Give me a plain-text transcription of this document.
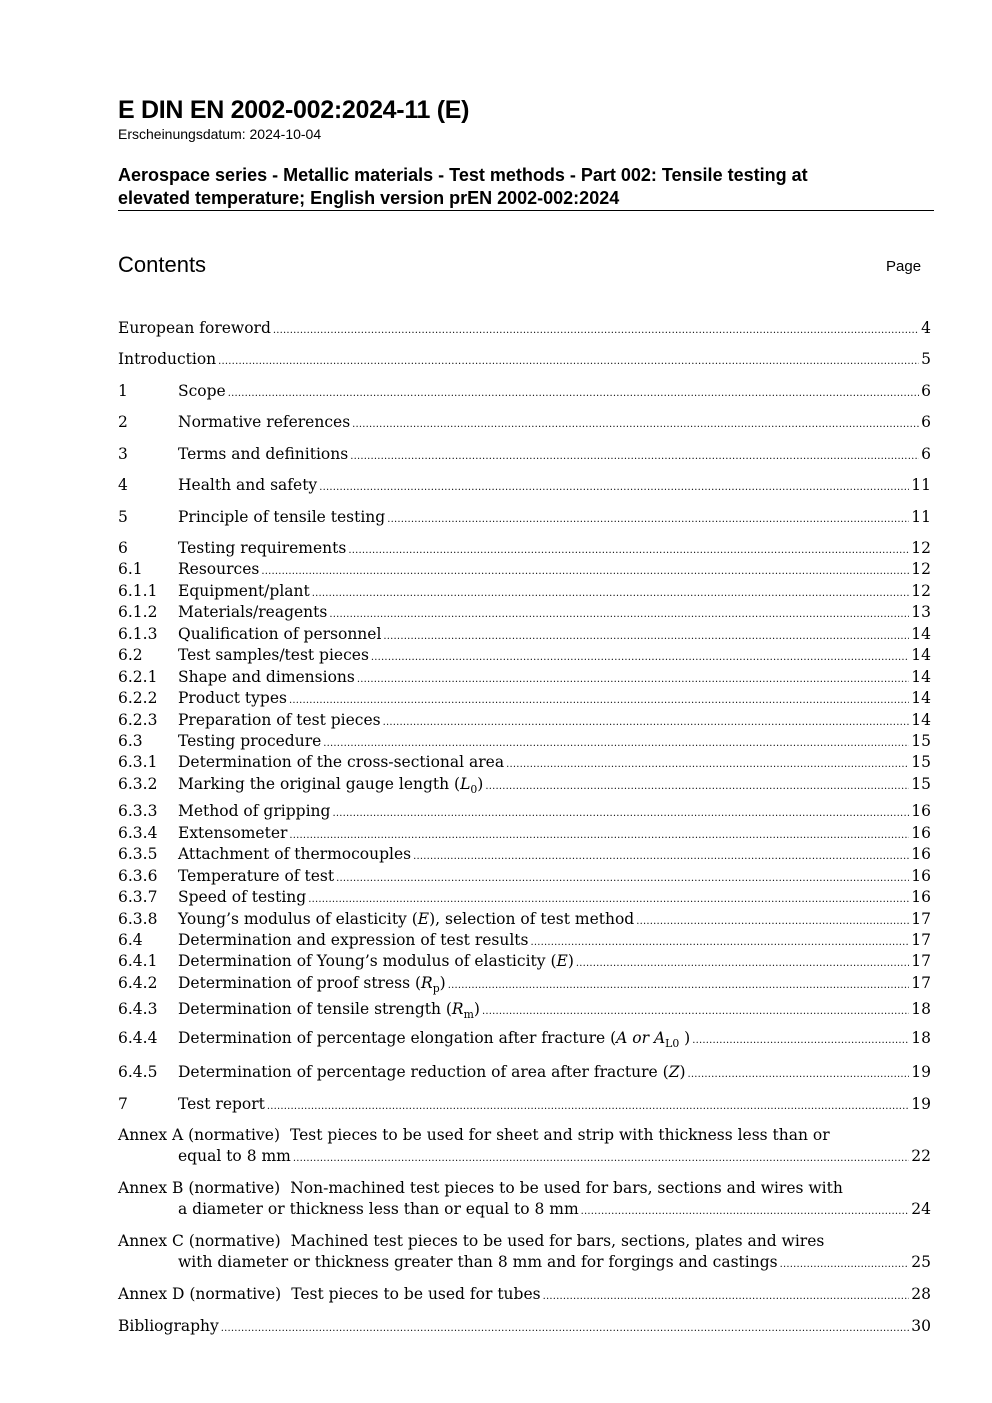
E DIN EN 2002-002:2024-11 (E)
Erscheinungsdatum: 2024-10-04
Aerospace series - Metallic materials - Test methods - Part 002: Tensile testing at
elevated temperature; English version prEN 2002-002:2024
Contents	Page
European foreword .....	4
Introduction .....	5
1	Scope .....	6
2	Normative references .....	6
3	Terms and definitions .....	6
4	Health and safety .....	11
5	Principle of tensile testing .....	11
6	Testing requirements .....	12
6.1 Resources .....	12
6.1.1 Equipment/plant .....	12
6.1.2 Materials/reagents .....	13
6.1.3 Qualification of personnel .....	14
6.2 Test samples/test pieces .....	14
6.2.1 Shape and dimensions .....	14
6.2.2 Product types .....	14
6.2.3 Preparation of test pieces .....	14
6.3 Testing procedure .....	15
6.3.1 Determination of the cross-sectional area .....	15
6.3.2 Marking the original gauge length $(L_0)$ .....	15
6.3.3 Method of gripping .....	16
6.3.4 Extensometer .....	16
6.3.5 Attachment of thermocouples .....	16
6.3.6 Temperature of test .....	16
6.3.7 Speed of testing .....	16
6.3.8 Young’s modulus of elasticity (E), selection of test method .....	17
6.4 Determination and expression of test results .....	17
6.4.1 Determination of Young’s modulus of elasticity (E) .....	17
6.4.2 Determination of proof stress $(R_p)$ .....	17
6.4.3 Determination of tensile strength $(R_m)$ .....	18
6.4.4 Determination of percentage elongation after fracture (A or $A_{L0}$ ) .....	18
6.4.5 Determination of percentage reduction of area after fracture (Z) .....	19
7	Test report .....	19
Annex A (normative) Test pieces to be used for sheet and strip with thickness less than or
equal to 8 mm .....	22
Annex B (normative) Non-machined test pieces to be used for bars, sections and wires with
a diameter or thickness less than or equal to 8 mm .....	24
Annex C (normative) Machined test pieces to be used for bars, sections, plates and wires
with diameter or thickness greater than 8 mm and for forgings and castings .....	25
Annex D (normative) Test pieces to be used for tubes .....	28
Bibliography .....	30
